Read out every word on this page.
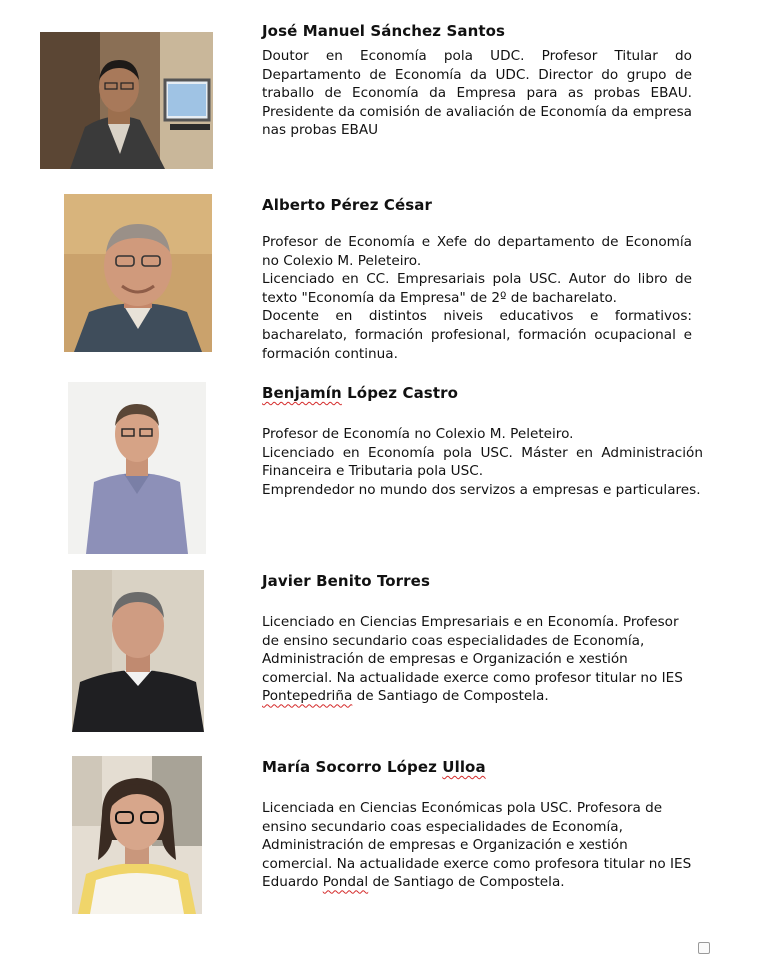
José Manuel Sánchez Santos

Doutor en Economía pola UDC. Profesor Titular do Departamento de Economía da UDC. Director do grupo de traballo de Economía da Empresa para as probas EBAU. Presidente da comisión de avaliación de Economía da empresa nas probas EBAU

Alberto Pérez César

Profesor de Economía e Xefe do departamento de Economía no Colexio M. Peleteiro.

Licenciado en CC. Empresariais pola USC. Autor do libro de texto "Economía da Empresa" de 2º de bacharelato.

Docente en distintos niveis educativos e formativos: bacharelato, formación profesional, formación ocupacional e formación continua.

Benjamín López Castro

Profesor de Economía no Colexio M. Peleteiro.

Licenciado en Economía pola USC. Máster en Administración Financeira e Tributaria pola USC.

Emprendedor no mundo dos servizos a empresas e particulares.

Javier Benito Torres

Licenciado en Ciencias Empresariais e en Economía. Profesor de ensino secundario coas especialidades de Economía, Administración de empresas e Organización e xestión comercial. Na actualidade exerce como profesor titular no IES Pontepedriña de Santiago de Compostela.

María Socorro López Ulloa

Licenciada en Ciencias Económicas pola USC. Profesora de ensino secundario coas especialidades de Economía, Administración de empresas e Organización e xestión comercial. Na actualidade exerce como profesora titular no IES Eduardo Pondal de Santiago de Compostela.
